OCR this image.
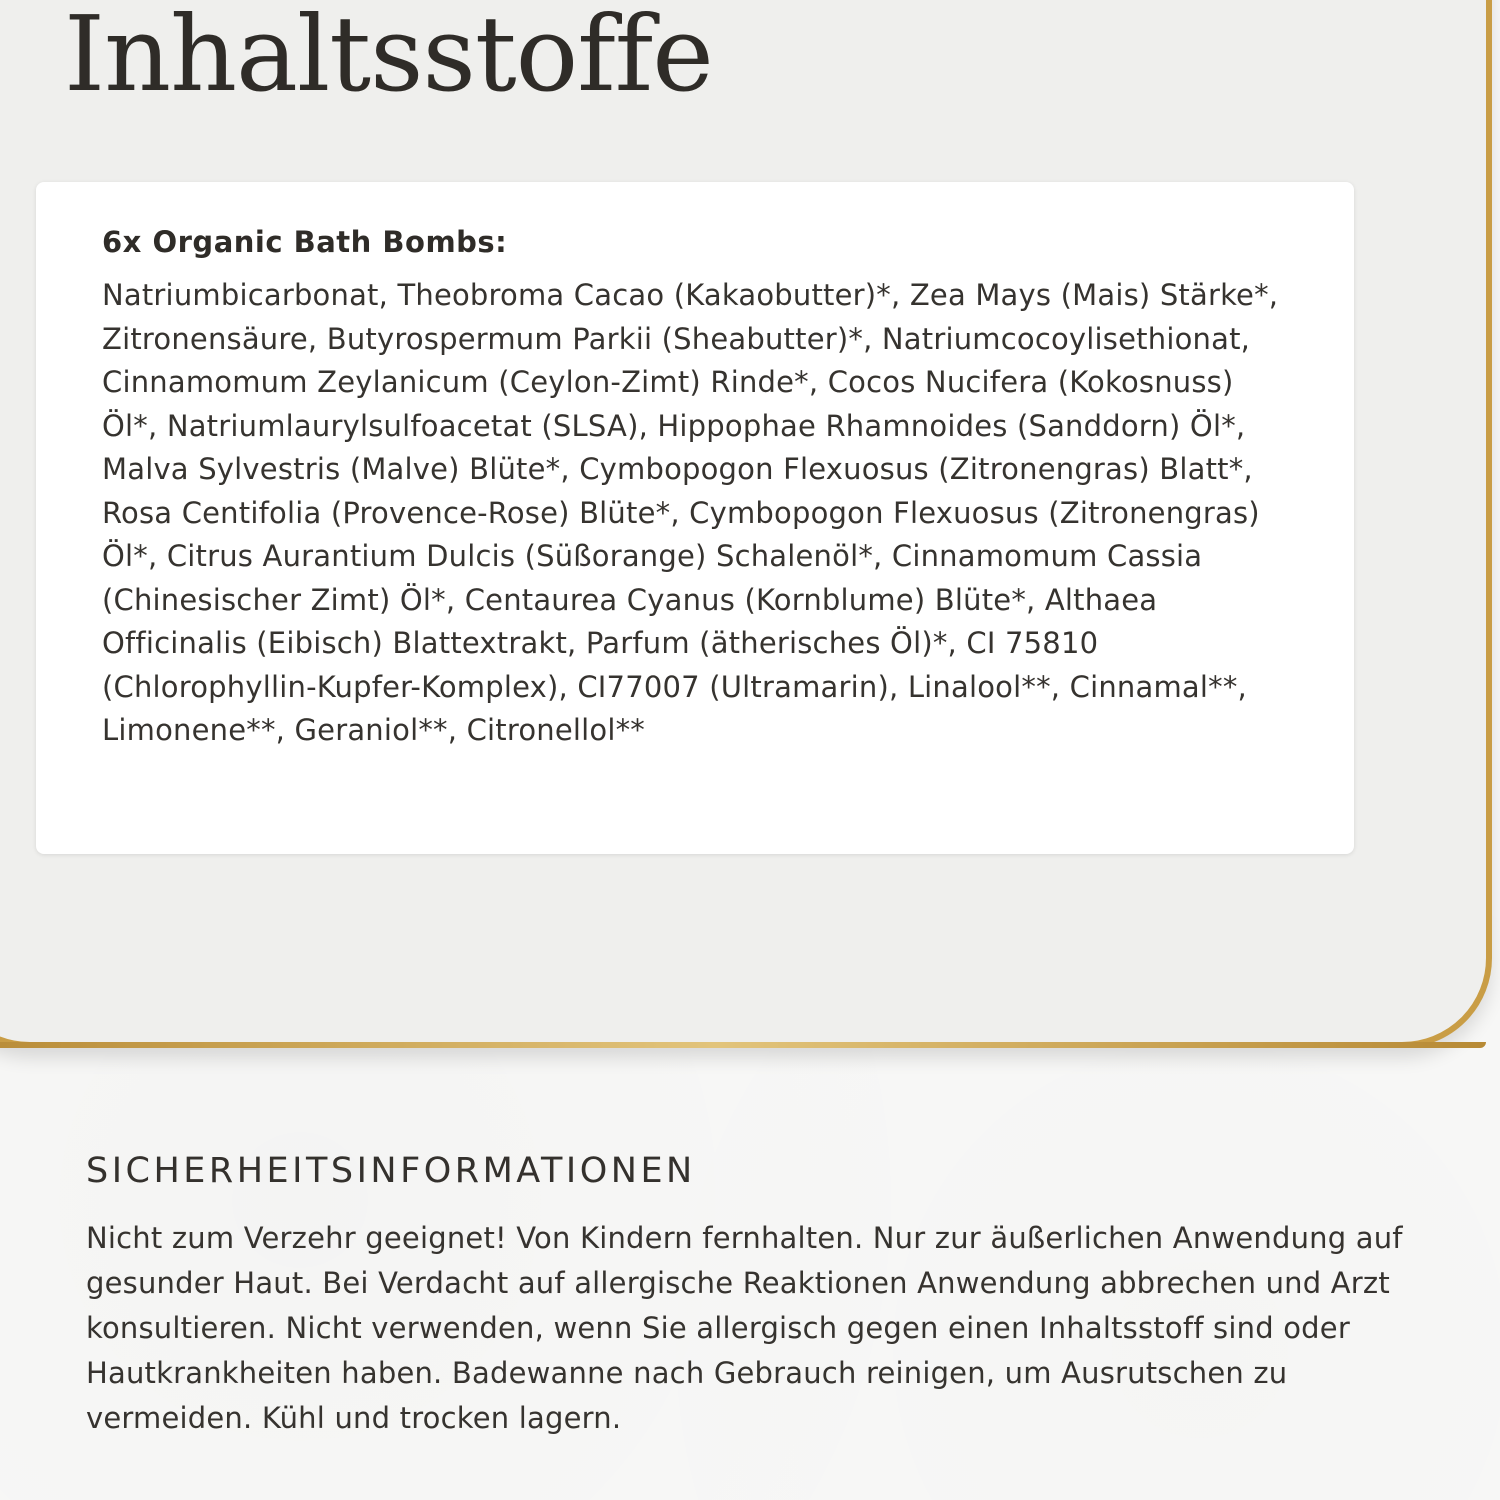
Inhaltsstoffe
6x Organic Bath Bombs:

Natriumbicarbonat, Theobroma Cacao (Kakaobutter)*, Zea Mays (Mais) Stärke*, Zitronensäure, Butyrospermum Parkii (Sheabutter)*, Natriumcocoylisethionat, Cinnamomum Zeylanicum (Ceylon-Zimt) Rinde*, Cocos Nucifera (Kokosnuss) Öl*, Natriumlaurylsulfoacetat (SLSA), Hippophae Rhamnoides (Sanddorn) Öl*, Malva Sylvestris (Malve) Blüte*, Cymbopogon Flexuosus (Zitronengras) Blatt*, Rosa Centifolia (Provence-Rose) Blüte*, Cymbopogon Flexuosus (Zitronengras) Öl*, Citrus Aurantium Dulcis (Süßorange) Schalenöl*, Cinnamomum Cassia (Chinesischer Zimt) Öl*, Centaurea Cyanus (Kornblume) Blüte*, Althaea Officinalis (Eibisch) Blattextrakt, Parfum (ätherisches Öl)*, CI 75810 (Chlorophyllin-Kupfer-Komplex), CI77007 (Ultramarin), Linalool**, Cinnamal**, Limonene**, Geraniol**, Citronellol**

SICHERHEITSINFORMATIONEN

Nicht zum Verzehr geeignet! Von Kindern fernhalten. Nur zur äußerlichen Anwendung auf gesunder Haut. Bei Verdacht auf allergische Reaktionen Anwendung abbrechen und Arzt konsultieren. Nicht verwenden, wenn Sie allergisch gegen einen Inhaltsstoff sind oder Hautkrankheiten haben. Badewanne nach Gebrauch reinigen, um Ausrutschen zu vermeiden. Kühl und trocken lagern.
